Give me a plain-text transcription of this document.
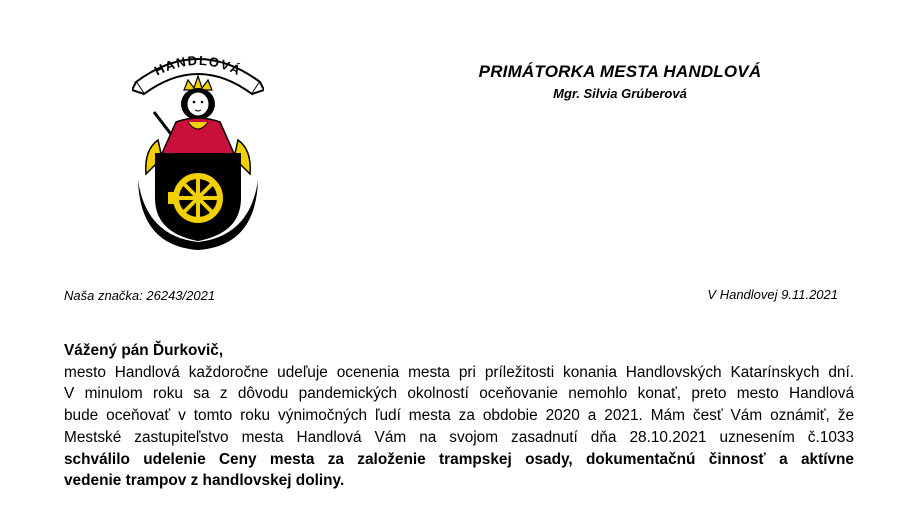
HANDLOVÁ	PRIMÁTORKA MESTA HANDLOVÁ

Mgr. Silvia Grúberová

Naša značka: 26243/2021	V Handlovej 9.11.2021
Vážený pán Ďurkovič,
mesto Handlová každoročne udeľuje ocenenia mesta pri príležitosti konania Handlovských Katarínskych dní.
V minulom roku sa z dôvodu pandemických okolností oceňovanie nemohlo konať, preto mesto Handlová
bude oceňovať v tomto roku výnimočných ľudí mesta za obdobie 2020 a 2021. Mám česť Vám oznámiť, že
Mestské zastupiteľstvo mesta Handlová Vám na svojom zasadnutí dňa 28.10.2021 uznesením č.1033
schválilo udelenie Ceny mesta za založenie trampskej osady, dokumentačnú činnosť a aktívne
vedenie trampov z handlovskej doliny.
